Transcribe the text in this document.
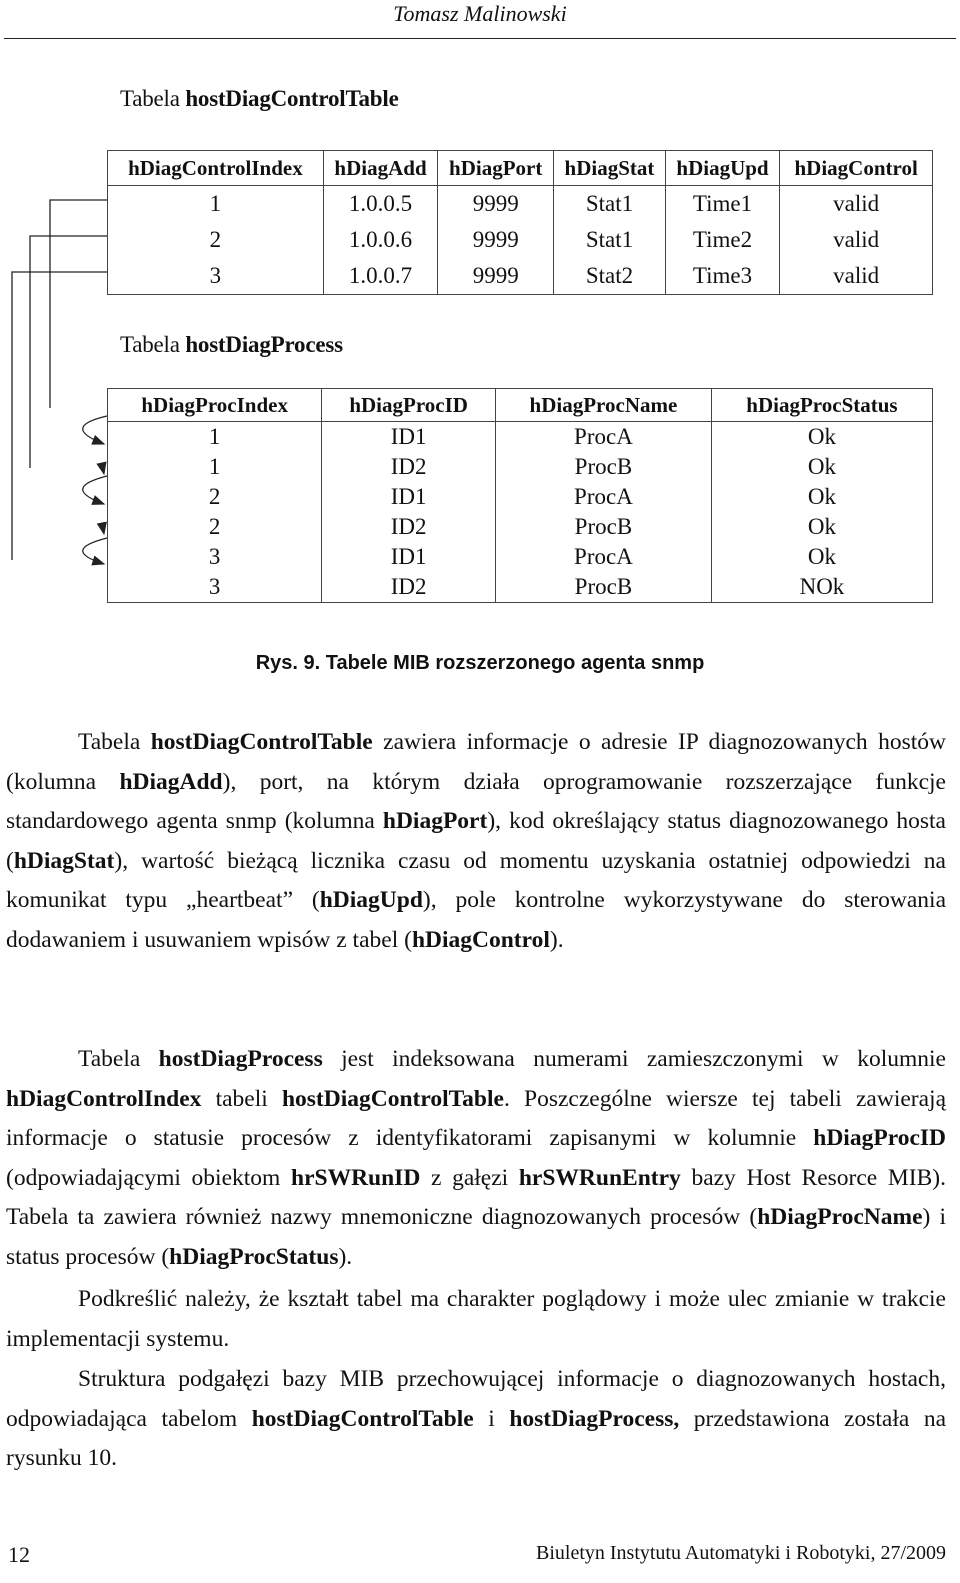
Tomasz Malinowski
Tabela hostDiagControlTable
hDiagControlIndex	hDiagAdd	hDiagPort	hDiagStat	hDiagUpd	hDiagControl
1	1.0.0.5	9999	Stat1	Time1	valid
2	1.0.0.6	9999	Stat1	Time2	valid
3	1.0.0.7	9999	Stat2	Time3	valid
Tabela hostDiagProcess
hDiagProcIndex	hDiagProcID	hDiagProcName	hDiagProcStatus
1	ID1	ProcA	Ok
1	ID2	ProcB	Ok
2	ID1	ProcA	Ok
2	ID2	ProcB	Ok
3	ID1	ProcA	Ok
3	ID2	ProcB	NOk
Rys. 9. Tabele MIB rozszerzonego agenta snmp

Tabela hostDiagControlTable zawiera informacje o adresie IP diagnozowanych hostów (kolumna hDiagAdd), port, na którym działa oprogramowanie rozszerzające funkcje standardowego agenta snmp (kolumna hDiagPort), kod określający status diagnozowanego hosta (hDiagStat), wartość bieżącą licznika czasu od momentu uzyskania ostatniej odpowiedzi na komunikat typu „heartbeat” (hDiagUpd), pole kontrolne wykorzystywane do sterowania dodawaniem i usuwaniem wpisów z tabel (hDiagControl).

Tabela hostDiagProcess jest indeksowana numerami zamieszczonymi w kolumnie hDiagControlIndex tabeli hostDiagControlTable. Poszczególne wiersze tej tabeli zawierają informacje o statusie procesów z identyfikatorami zapisanymi w kolumnie hDiagProcID (odpowiadającymi obiektom hrSWRunID z gałęzi hrSWRunEntry bazy Host Resorce MIB). Tabela ta zawiera również nazwy mnemoniczne diagnozowanych procesów (hDiagProcName) i status procesów (hDiagProcStatus).

Podkreślić należy, że kształt tabel ma charakter poglądowy i może ulec zmianie w trakcie implementacji systemu.

Struktura podgałęzi bazy MIB przechowującej informacje o diagnozowanych hostach, odpowiadająca tabelom hostDiagControlTable i hostDiagProcess, przedstawiona została na rysunku 10.

12	Biuletyn Instytutu Automatyki i Robotyki, 27/2009
